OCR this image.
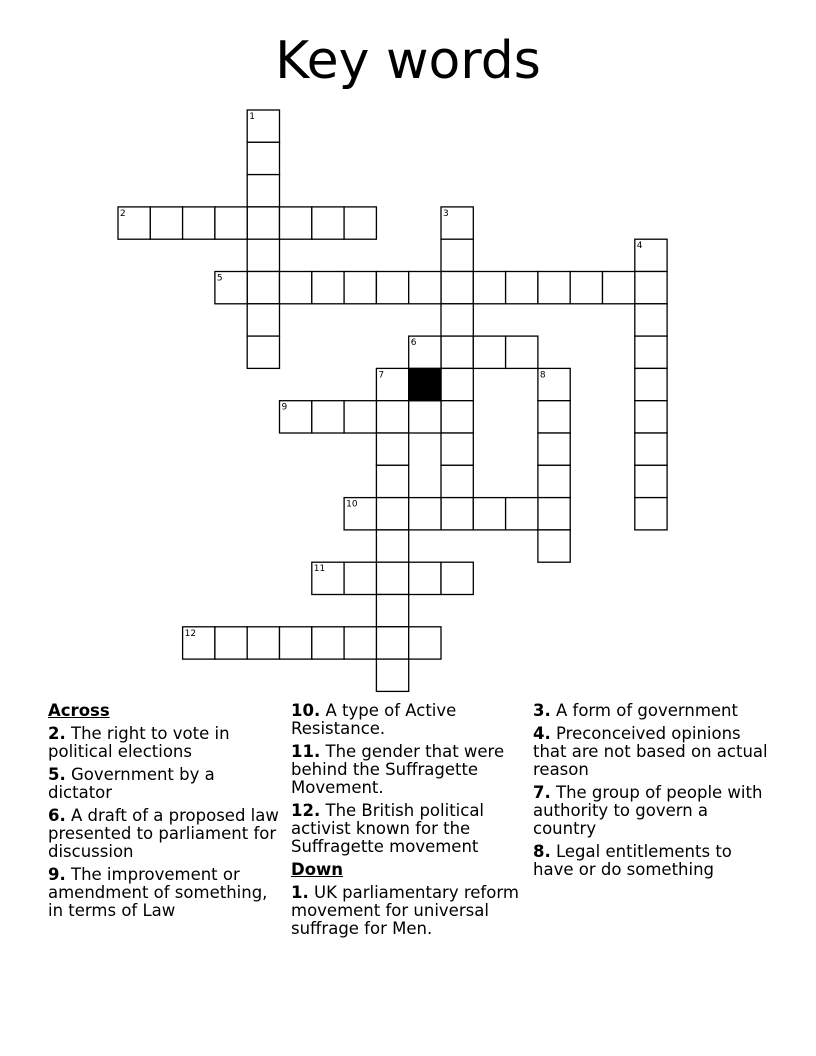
Key words
1
2	3
4
5
6
7	8
9
10
11
12
Across
2. The right to vote in political elections
5. Government by a dictator
6. A draft of a proposed law presented to parliament for discussion
9. The improvement or amendment of something, in terms of Law
10. A type of Active Resistance.
11. The gender that were behind the Suffragette Movement.
12. The British political activist known for the Suffragette movement
Down
1. UK parliamentary reform movement for universal suffrage for Men.
3. A form of government
4. Preconceived opinions that are not based on actual reason
7. The group of people with authority to govern a country
8. Legal entitlements to have or do something
